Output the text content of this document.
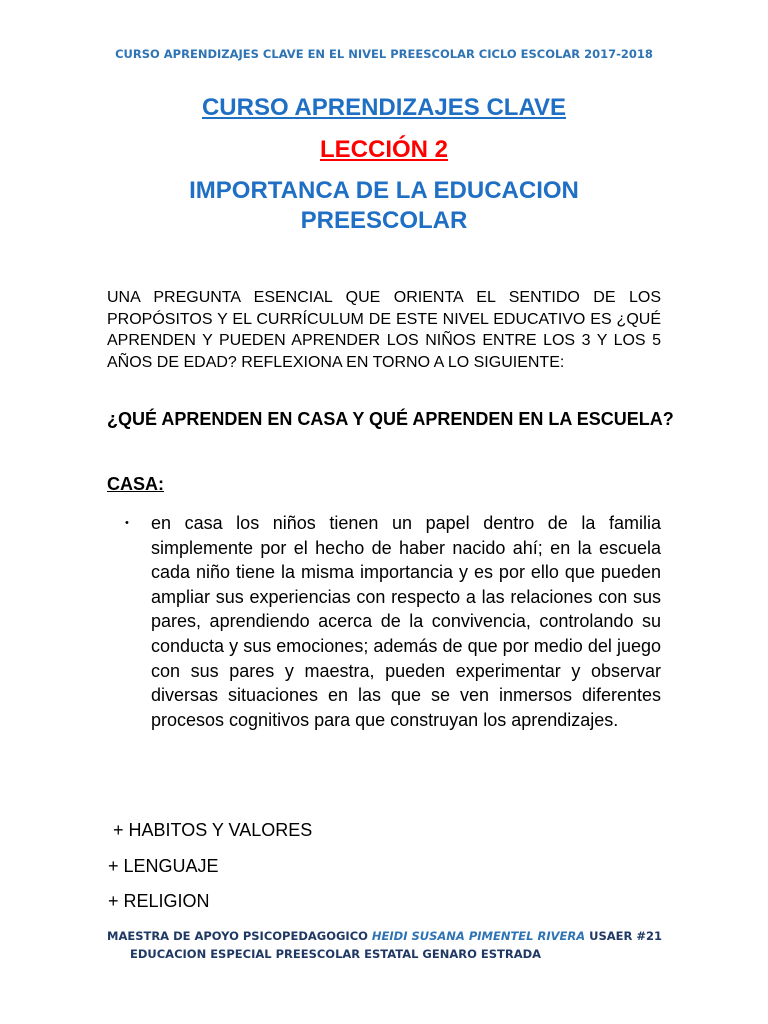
CURSO APRENDIZAJES CLAVE EN EL NIVEL PREESCOLAR CICLO ESCOLAR 2017-2018
CURSO APRENDIZAJES CLAVE
LECCIÓN 2
IMPORTANCA DE LA EDUCACION PREESCOLAR

UNA PREGUNTA ESENCIAL QUE ORIENTA EL SENTIDO DE LOS PROPÓSITOS Y EL CURRÍCULUM DE ESTE NIVEL EDUCATIVO ES ¿QUÉ APRENDEN Y PUEDEN APRENDER LOS NIÑOS ENTRE LOS 3 Y LOS 5 AÑOS DE EDAD? REFLEXIONA EN TORNO A LO SIGUIENTE:

¿QUÉ APRENDEN EN CASA Y QUÉ APRENDEN EN LA ESCUELA?

CASA:
•	en casa los niños tienen un papel dentro de la familia simplemente por el hecho de haber nacido ahí; en la escuela cada niño tiene la misma importancia y es por ello que pueden ampliar sus experiencias con respecto a las relaciones con sus pares, aprendiendo acerca de la convivencia, controlando su conducta y sus emociones; además de que por medio del juego con sus pares y maestra, pueden experimentar y observar diversas situaciones en las que se ven inmersos diferentes procesos cognitivos para que construyan los aprendizajes.
+ HABITOS Y VALORES
+ LENGUAJE
+ RELIGION
MAESTRA DE APOYO PSICOPEDAGOGICO HEIDI SUSANA PIMENTEL RIVERA USAER #21
EDUCACION ESPECIAL PREESCOLAR ESTATAL GENARO ESTRADA
